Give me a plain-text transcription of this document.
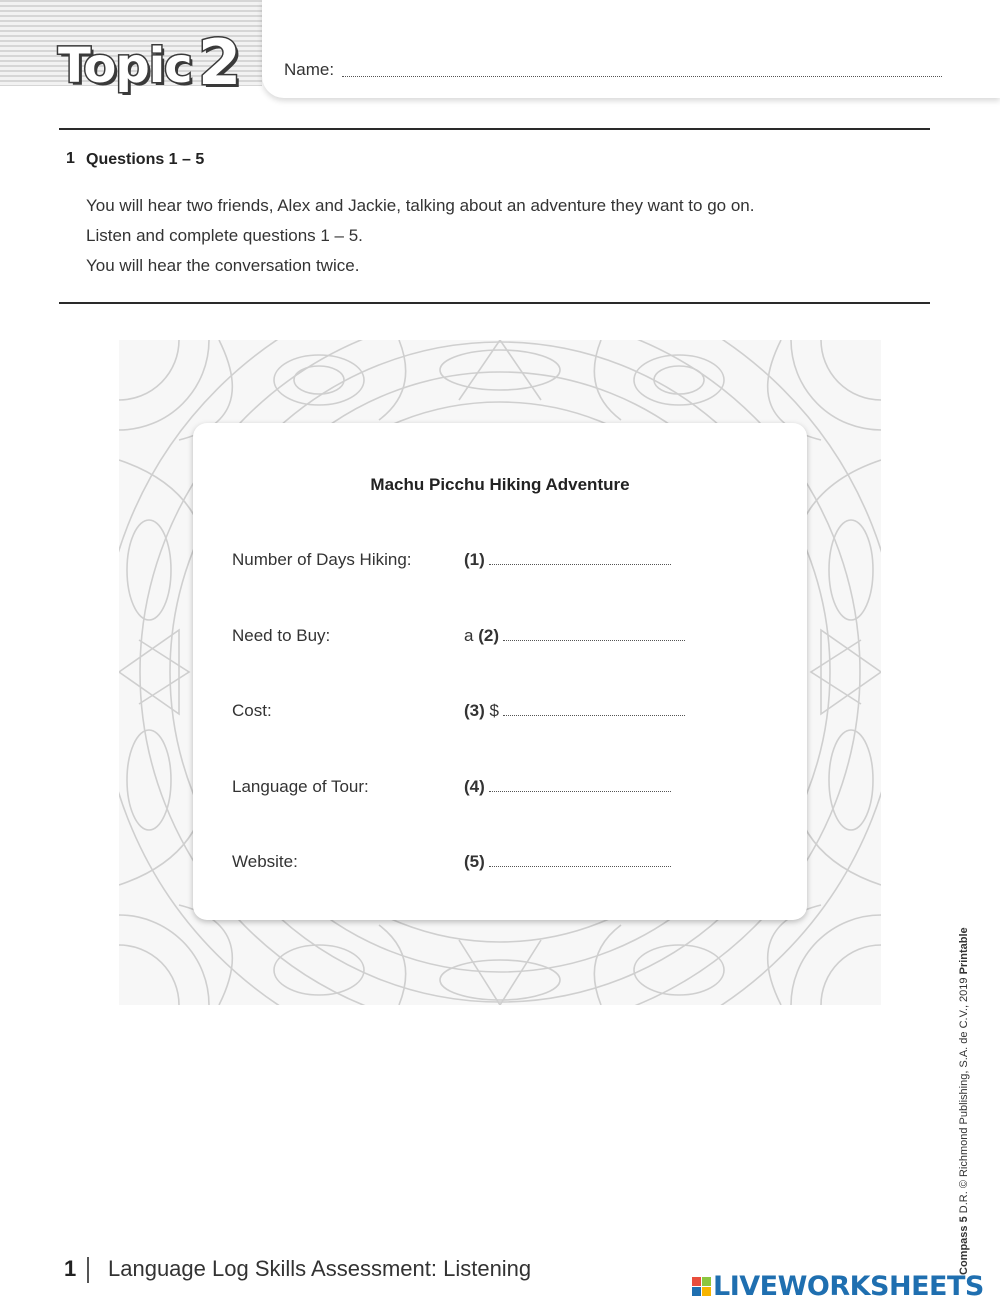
Topic 2	Name:
1 Questions 1 – 5
You will hear two friends, Alex and Jackie, talking about an adventure they want to go on.
Listen and complete questions 1 – 5.
You will hear the conversation twice.
Machu Picchu Hiking Adventure
Number of Days Hiking:	(1)
Need to Buy:	a (2)
Cost:	(3) $
Language of Tour:	(4)
Website:	(5)
Compass 5 D.R. © Richmond Publishing, S.A. de C.V., 2019 Printable
1 Language Log Skills Assessment: Listening
LIVEWORKSHEETS
